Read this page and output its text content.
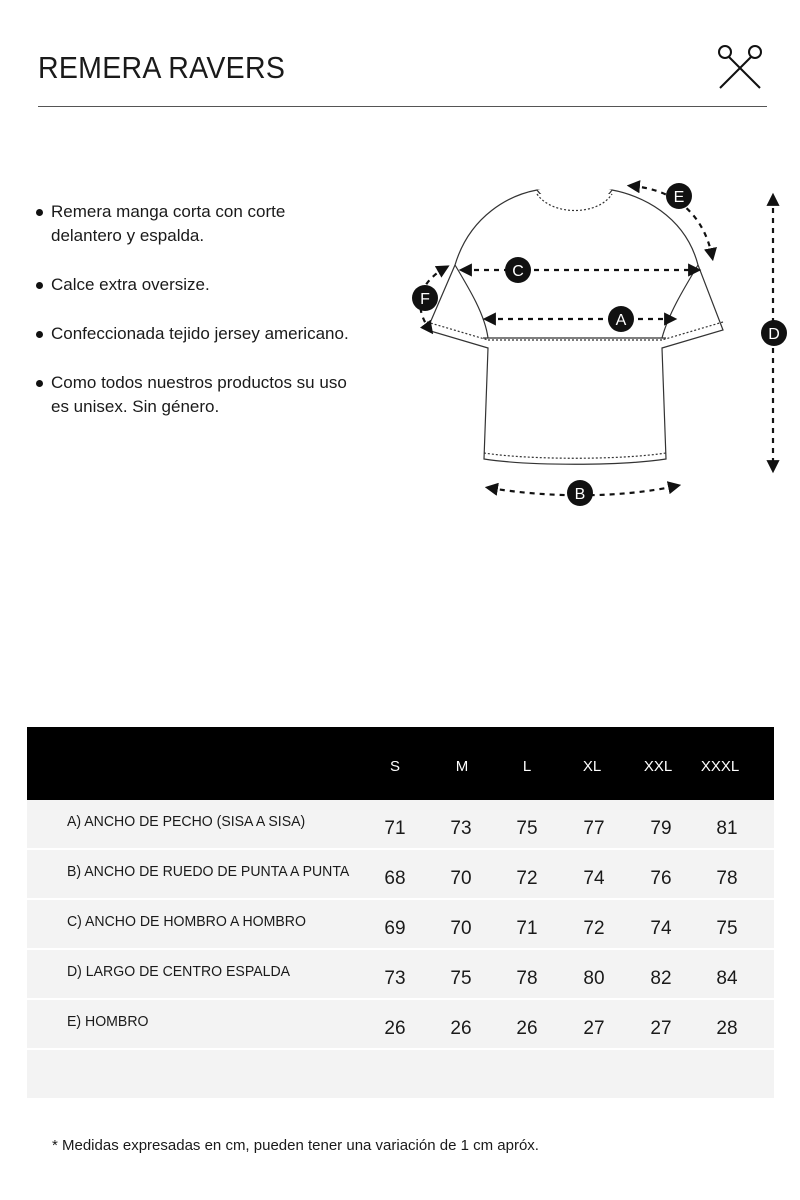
REMERA RAVERS
Remera manga corta con corte delantero y espalda.
Calce extra oversize.
Confeccionada tejido jersey americano.
Como todos nuestros productos su uso es unisex. Sin género.
A
B
C
D
E
F
S	M	L	XL	XXL	XXXL
A) ANCHO DE PECHO (SISA A SISA)	71	73	75	77	79	81
B) ANCHO DE RUEDO DE PUNTA A PUNTA	68	70	72	74	76	78
C) ANCHO DE HOMBRO A HOMBRO	69	70	71	72	74	75
D) LARGO DE CENTRO ESPALDA	73	75	78	80	82	84
E) HOMBRO	26	26	26	27	27	28
* Medidas expresadas en cm, pueden tener una variación de 1 cm apróx.
